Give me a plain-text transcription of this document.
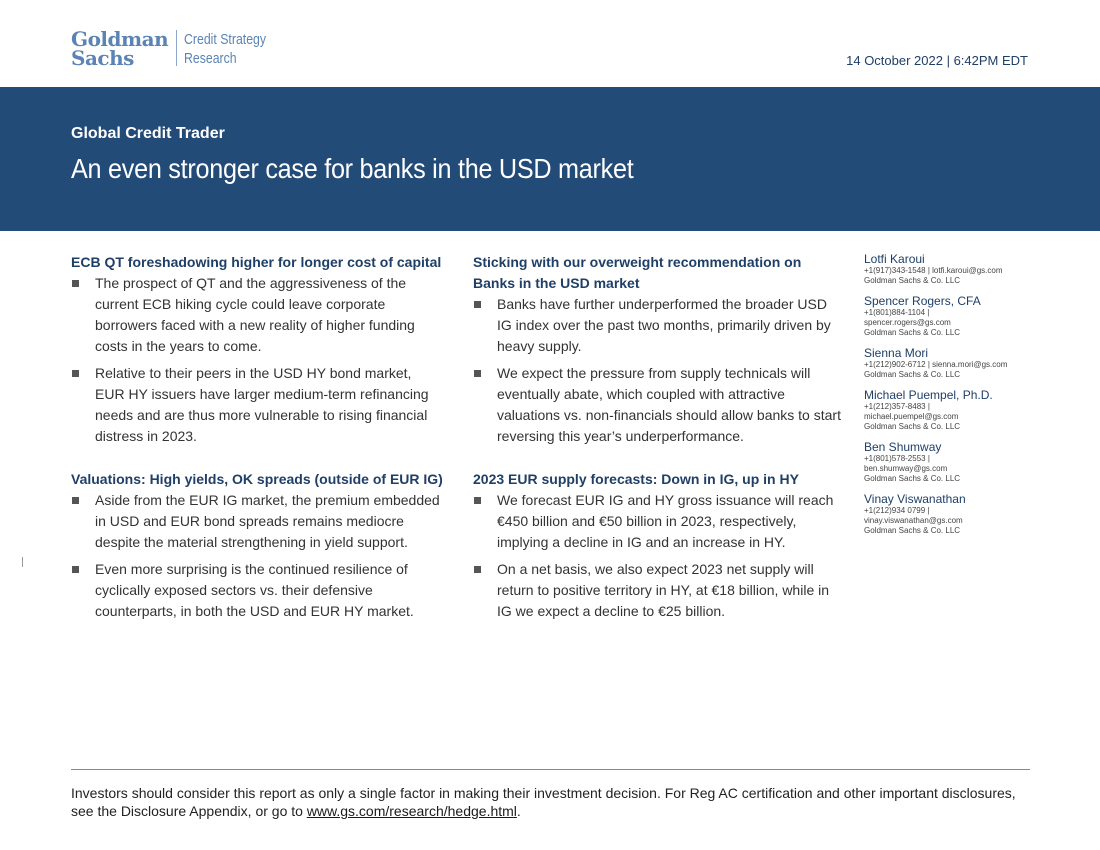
Goldman
Sachs
Credit Strategy
Research	14 October 2022 | 6:42PM EDT
Global Credit Trader
An even stronger case for banks in the USD market
ECB QT foreshadowing higher for longer cost of capital
The prospect of QT and the aggressiveness of the current ECB hiking cycle could leave corporate borrowers faced with a new reality of higher funding costs in the years to come.
Relative to their peers in the USD HY bond market, EUR HY issuers have larger medium-term refinancing needs and are thus more vulnerable to rising financial distress in 2023.
Valuations: High yields, OK spreads (outside of EUR IG)
Aside from the EUR IG market, the premium embedded in USD and EUR bond spreads remains mediocre despite the material strengthening in yield support.
Even more surprising is the continued resilience of cyclically exposed sectors vs. their defensive counterparts, in both the USD and EUR HY market.
Sticking with our overweight recommendation on Banks in the USD market
Banks have further underperformed the broader USD IG index over the past two months, primarily driven by heavy supply.
We expect the pressure from supply technicals will eventually abate, which coupled with attractive valuations vs. non-financials should allow banks to start reversing this year’s underperformance.
2023 EUR supply forecasts: Down in IG, up in HY
We forecast EUR IG and HY gross issuance will reach €450 billion and €50 billion in 2023, respectively, implying a decline in IG and an increase in HY.
On a net basis, we also expect 2023 net supply will return to positive territory in HY, at €18 billion, while in IG we expect a decline to €25 billion.
Lotfi Karoui
+1(917)343-1548 | lotfi.karoui@gs.com
Goldman Sachs & Co. LLC
Spencer Rogers, CFA
+1(801)884-1104 |
spencer.rogers@gs.com
Goldman Sachs & Co. LLC
Sienna Mori
+1(212)902-6712 | sienna.mori@gs.com
Goldman Sachs & Co. LLC
Michael Puempel, Ph.D.
+1(212)357-8483 |
michael.puempel@gs.com
Goldman Sachs & Co. LLC
Ben Shumway
+1(801)578-2553 |
ben.shumway@gs.com
Goldman Sachs & Co. LLC
Vinay Viswanathan
+1(212)934 0799 |
vinay.viswanathan@gs.com
Goldman Sachs & Co. LLC
Investors should consider this report as only a single factor in making their investment decision. For Reg AC certification and other important disclosures, see the Disclosure Appendix, or go to www.gs.com/research/hedge.html.
